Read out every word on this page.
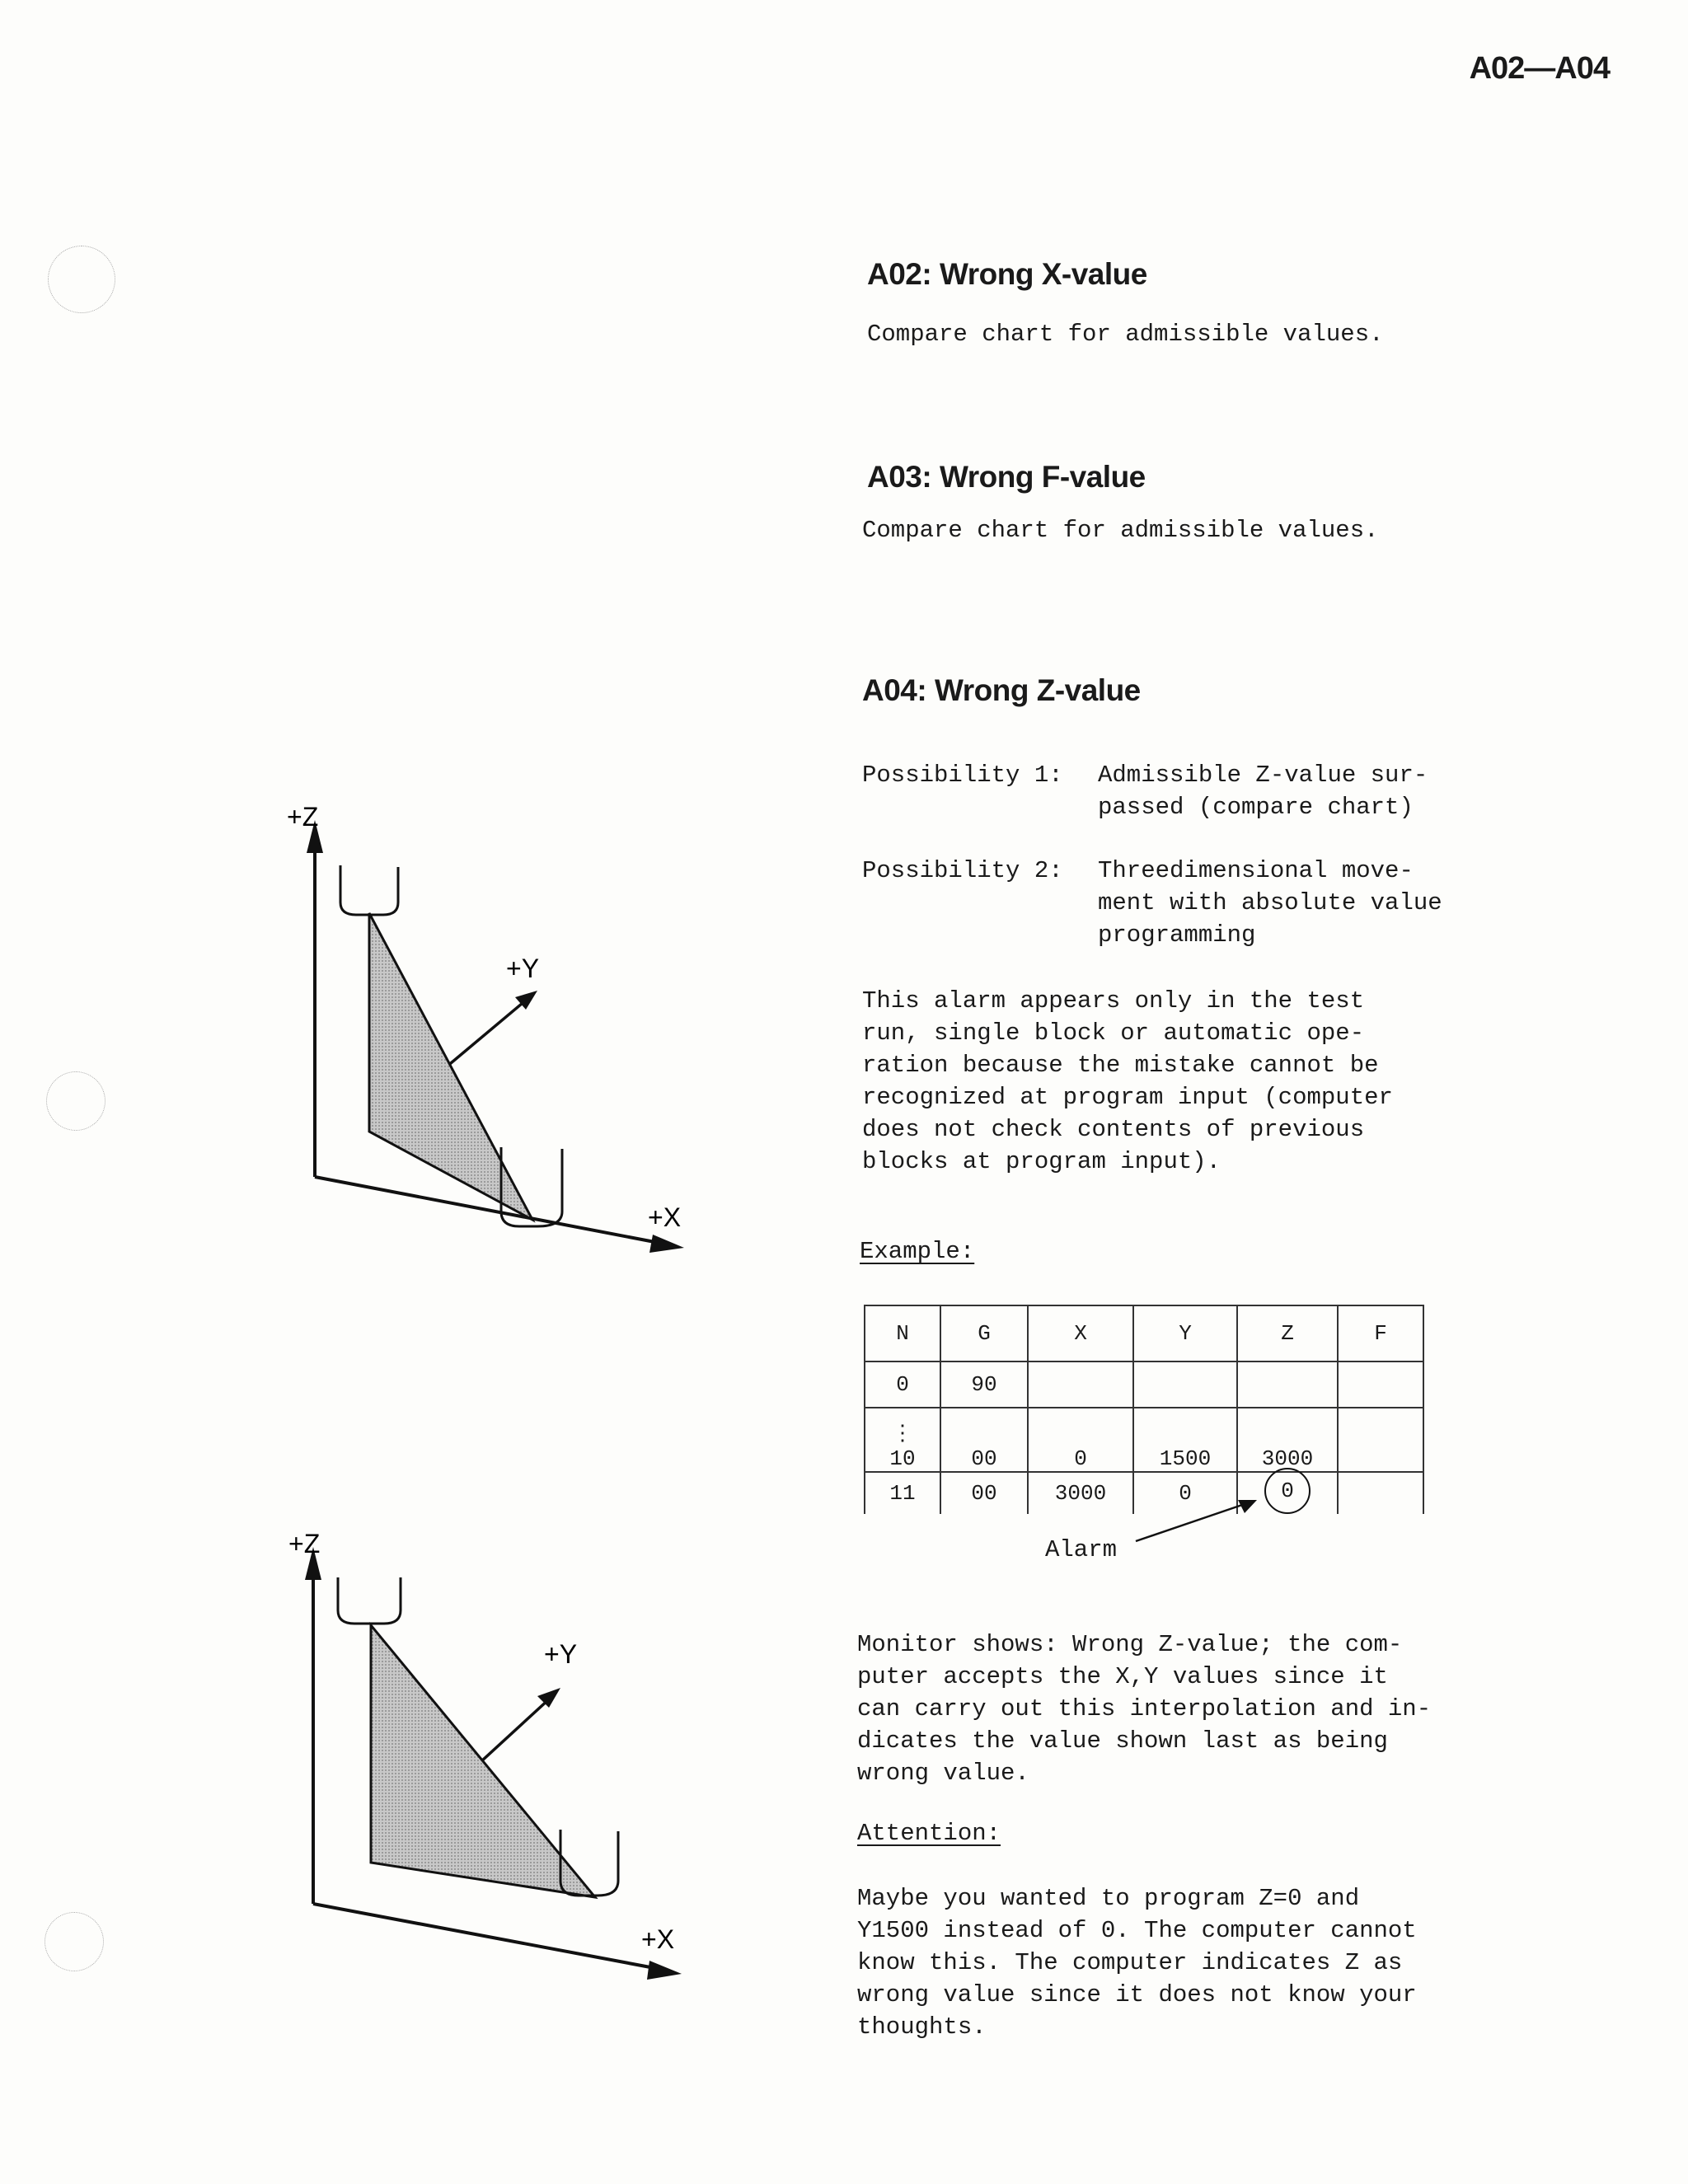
A02—A04
A02: Wrong X-value
Compare chart for admissible values.
A03: Wrong F-value
Compare chart for admissible values.
A04: Wrong Z-value
Possibility 1: Admissible Z-value sur-
passed (compare chart)
Possibility 2: Threedimensional move-
ment with absolute value
programming
This alarm appears only in the test
run, single block or automatic ope-
ration because the mistake cannot be
recognized at program input (computer
does not check contents of previous
blocks at program input).
Example:
N	G	X	Y	Z	F
0	90				

⋮
10	00	0	1500	3000	
11	00	3000	0	0	
Alarm
Monitor shows: Wrong Z-value; the com-
puter accepts the X,Y values since it
can carry out this interpolation and in-
dicates the value shown last as being
wrong value.
Attention:
Maybe you wanted to program Z=0 and
Y1500 instead of 0. The computer cannot
know this. The computer indicates Z as
wrong value since it does not know your
thoughts.
+Z
+Y
+X
+Z
+Y
+X
